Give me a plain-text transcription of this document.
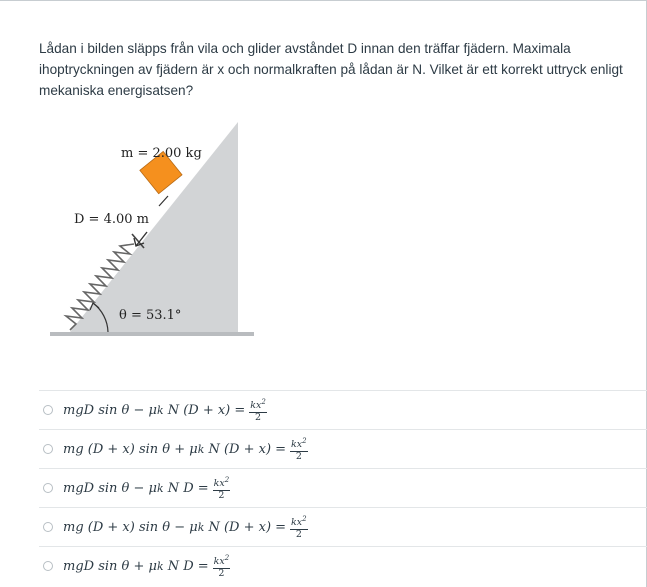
Lådan i bilden släpps från vila och glider avståndet D innan den träffar fjädern. Maximala ihoptryckningen av fjädern är x och normalkraften på lådan är N. Vilket är ett korrekt uttryck enligt mekaniska energisatsen?
m = 2.00 kg
D = 4.00 m
θ = 53.1°
mgD sin θ − μ k
N $(D + x) = \frac{kx^2}{2}$
mg (D + x) sin θ + μ k
N $(D + x) = \frac{kx^2}{2}$
mgD sin θ − μ k
N $D = \frac{kx^2}{2}$
mg (D + x) sin θ − μ k
N $(D + x) = \frac{kx^2}{2}$
mgD sin θ + μ k
N $D = \frac{kx^2}{2}$
